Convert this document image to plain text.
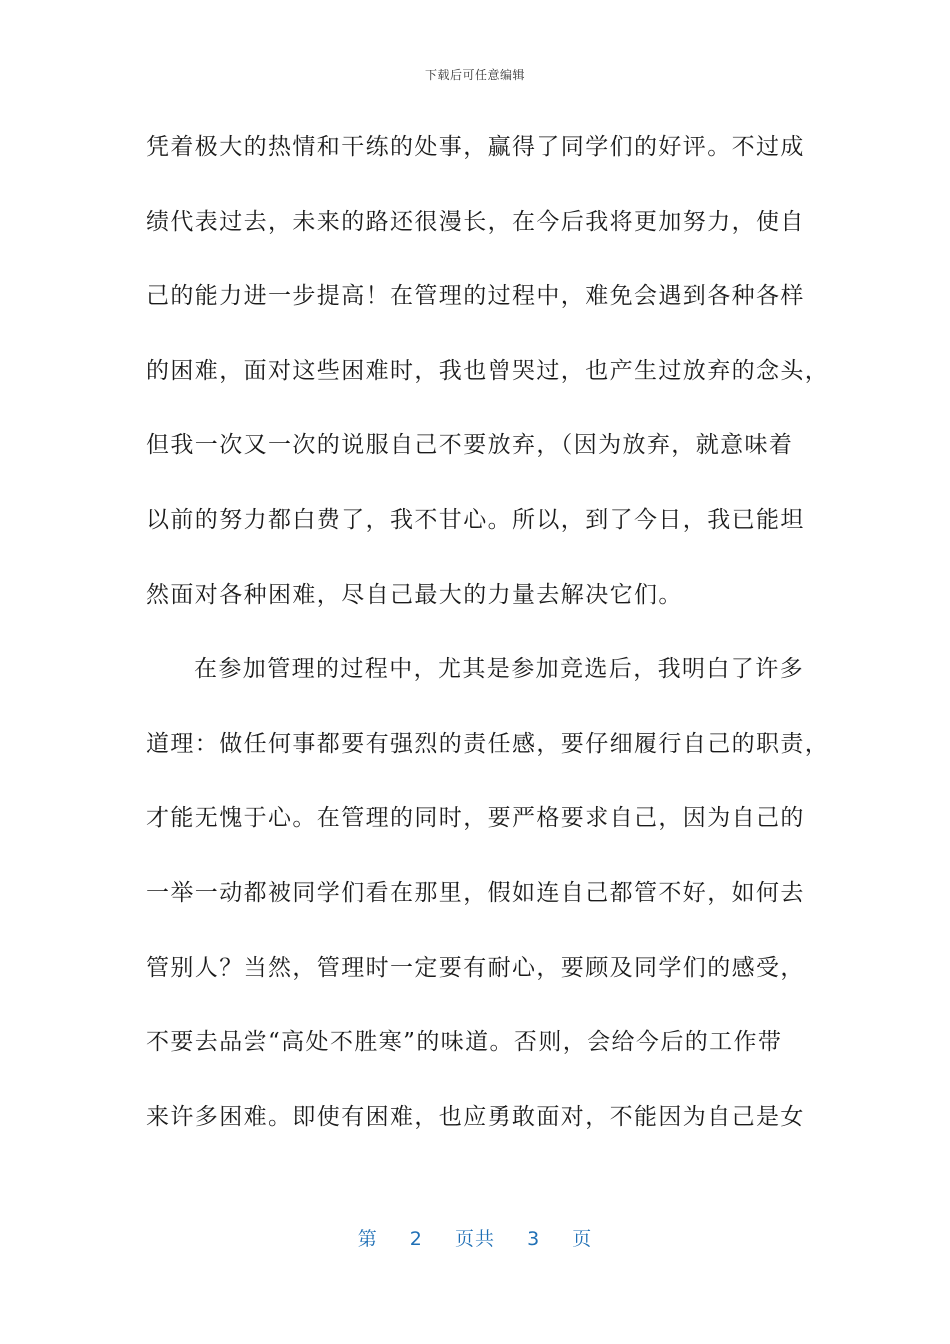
下载后可任意编辑
凭着极大的热情和干练的处事，赢得了同学们的好评。不过成
绩代表过去，未来的路还很漫长，在今后我将更加努力，使自
己的能力进一步提高！在管理的过程中，难免会遇到各种各样
的困难，面对这些困难时，我也曾哭过，也产生过放弃的念头，
但我一次又一次的说服自己不要放弃，（因为放弃，就意味着
以前的努力都白费了，我不甘心。所以，到了今日，我已能坦
然面对各种困难，尽自己最大的力量去解决它们。
在参加管理的过程中，尤其是参加竞选后，我明白了许多
道理：做任何事都要有强烈的责任感，要仔细履行自己的职责，
才能无愧于心。在管理的同时，要严格要求自己，因为自己的
一举一动都被同学们看在那里，假如连自己都管不好，如何去
管别人？当然，管理时一定要有耐心，要顾及同学们的感受，
不要去品尝“高处不胜寒”的味道。否则，会给今后的工作带
来许多困难。即使有困难，也应勇敢面对，不能因为自己是女
第 2 页共 3 页
